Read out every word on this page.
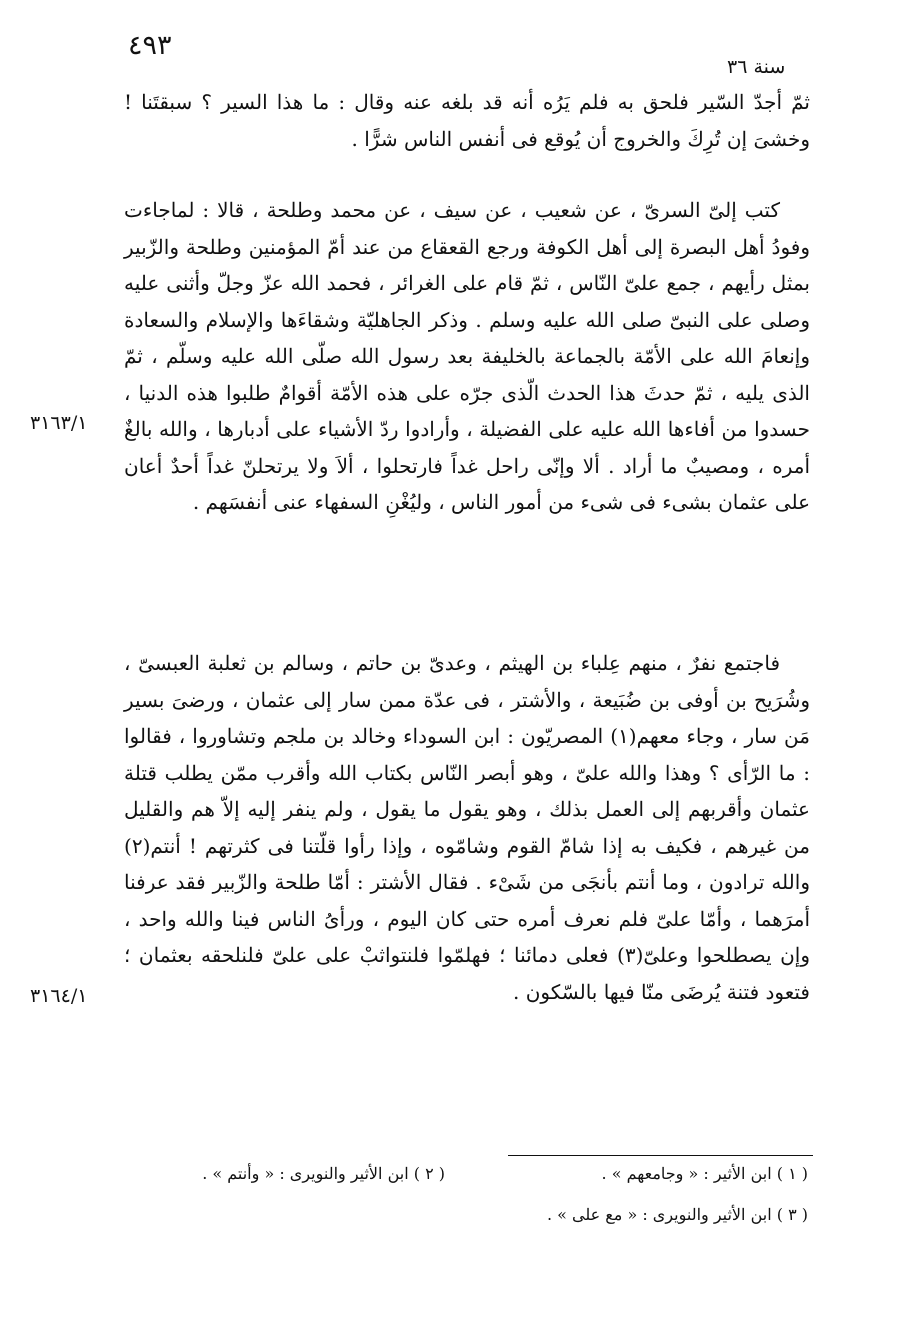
٤٩٣
سنة ٣٦

ثمّ أجدّ السّير فلحق به فلم يَرُه أنه قد بلغه عنه وقال : ما هذا السير ؟ سبقتَنا ! وخشىَ إن تُرِكَ والخروج أن يُوقع فى أنفس الناس شرًّا .

كتب إلىّ السرىّ ، عن شعيب ، عن سيف ، عن محمد وطلحة ، قالا : لماجاءت وفودُ أهل البصرة إلى أهل الكوفة ورجع القعقاع من عند أمّ المؤمنين وطلحة والزّبير بمثل رأيهم ، جمع علىّ النّاس ، ثمّ قام على الغرائر ، فحمد الله عزّ وجلّ وأثنى عليه وصلى على النبىّ صلى الله عليه وسلم . وذكر الجاهليّة وشقاءَها والإسلام والسعادة وإنعامَ الله على الأمّة بالجماعة بالخليفة بعد رسول الله صلّى الله عليه وسلّم ، ثمّ الذى يليه ، ثمّ حدثَ هذا الحدث الّذى جرّه على هذه الأمّة أقوامٌ طلبوا هذه الدنيا ، حسدوا من أفاءها الله عليه على الفضيلة ، وأرادوا ردّ الأشياء على أدبارها ، والله بالغٌ أمره ، ومصيبٌ ما أراد . ألا وإنّى راحل غداً فارتحلوا ، ألاَ ولا يرتحلنّ غداً أحدٌ أعان على عثمان بشىء فى شىء من أمور الناس ، وليُغْنِ السفهاء عنى أنفسَهم .

فاجتمع نفرٌ ، منهم عِلباء بن الهيثم ، وعدىّ بن حاتم ، وسالم بن ثعلبة العبسىّ ، وشُرَيح بن أوفى بن ضُبَيعة ، والأشتر ، فى عدّة ممن سار إلى عثمان ، ورضىَ بسير مَن سار ، وجاء معهم(١) المصريّون : ابن السوداء وخالد بن ملجم وتشاوروا ، فقالوا : ما الرّأى ؟ وهذا والله علىّ ، وهو أبصر النّاس بكتاب الله وأقرب ممّن يطلب قتلة عثمان وأقربهم إلى العمل بذلك ، وهو يقول ما يقول ، ولم ينفر إليه إلاّ هم والقليل من غيرهم ، فكيف به إذا شامّ القوم وشامّوه ، وإذا رأوا قلّتنا فى كثرتهم ! أنتم(٢) والله ترادون ، وما أنتم بأنجَى من شَىْء . فقال الأشتر : أمّا طلحة والزّبير فقد عرفنا أمرَهما ، وأمّا علىّ فلم نعرف أمره حتى كان اليوم ، ورأىُ الناس فينا والله واحد ، وإن يصطلحوا وعلىّ(٣) فعلى دمائنا ؛ فهلمّوا فلنتواثبْ على علىّ فلنلحقه بعثمان ؛ فتعود فتنة يُرضَى منّا فيها بالسّكون .

٣١٦٣/١
٣١٦٤/١
( ١ ) ابن الأثير : « وجامعهم » .
( ٢ ) ابن الأثير والنويرى : « وأنتم » .
( ٣ ) ابن الأثير والنويرى : « مع على » .
